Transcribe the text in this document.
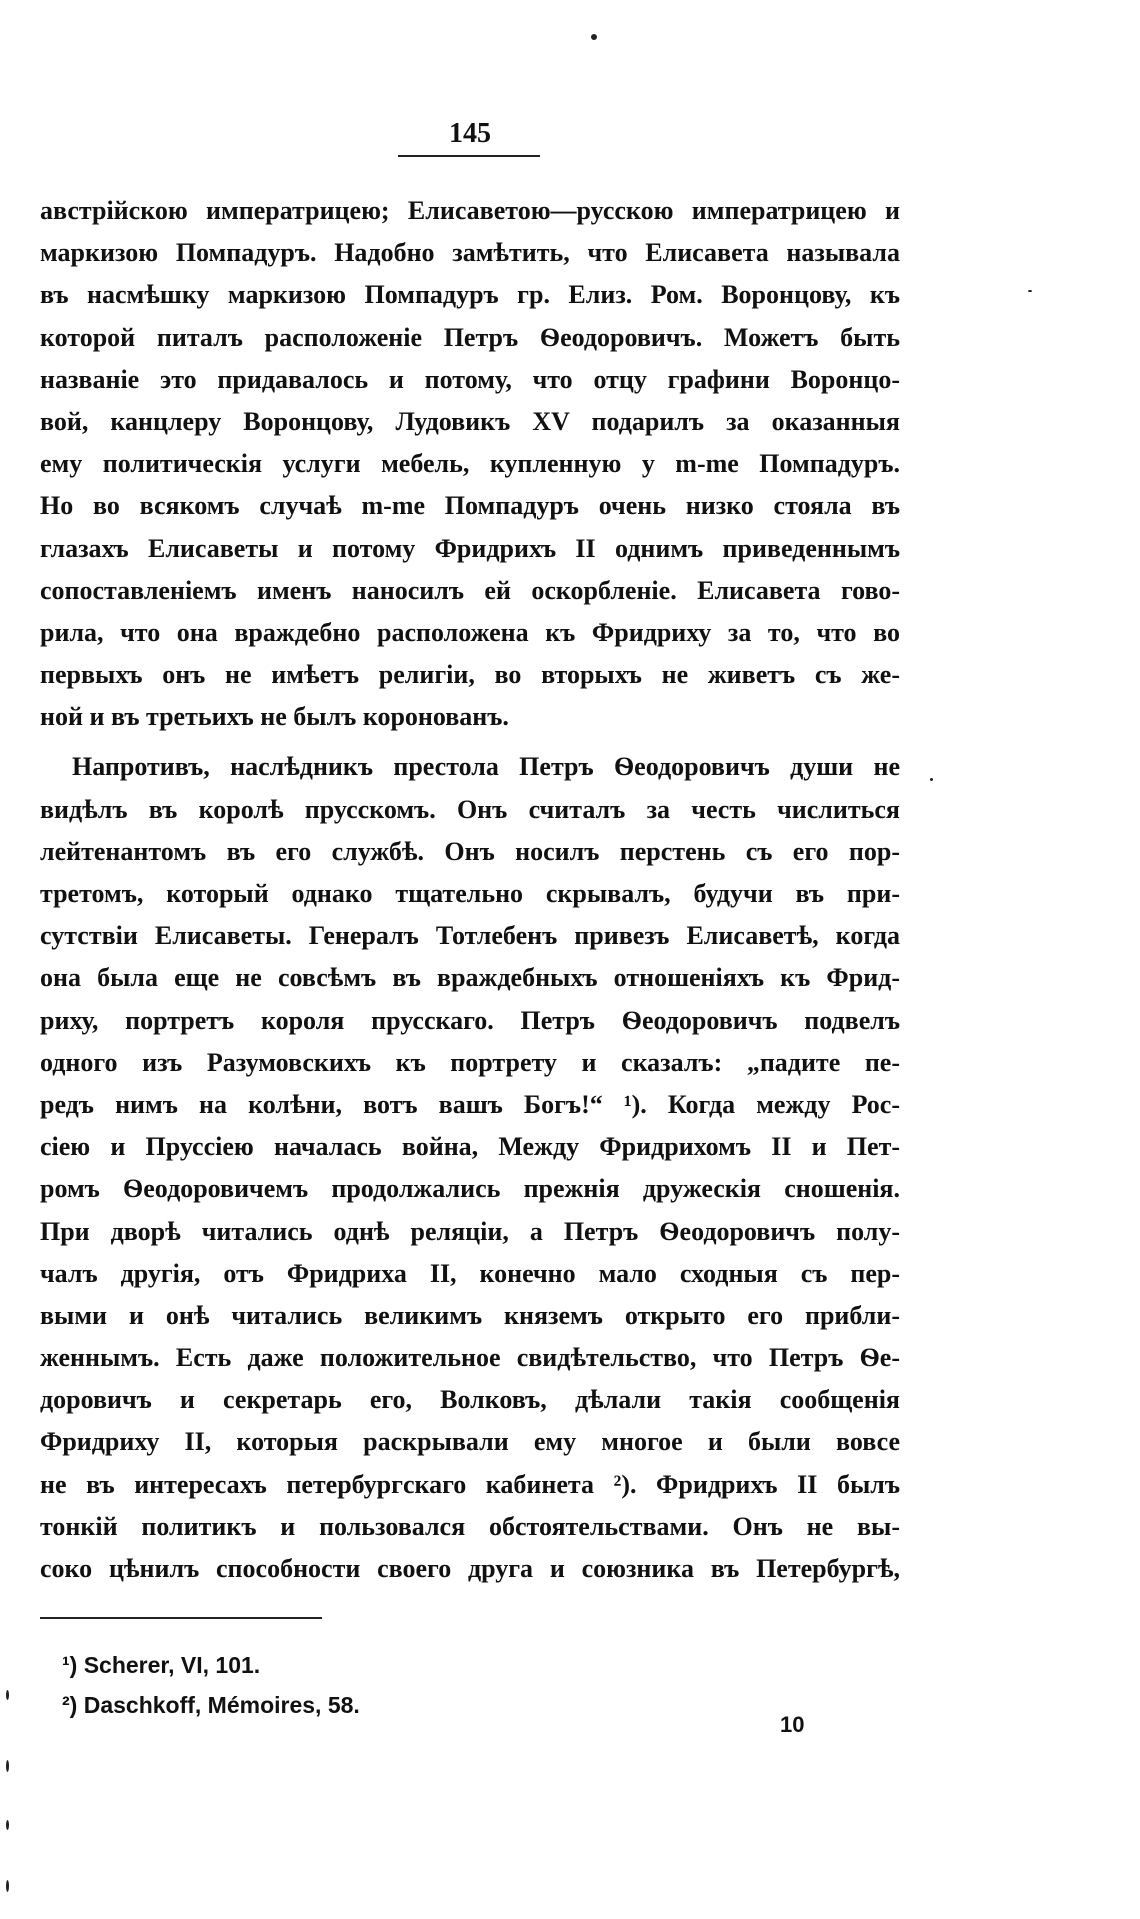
145
австрійскою императрицею; Елисаветою—русскою императрицею и
маркизою Помпадуръ. Надобно замѣтить, что Елисавета называла
въ насмѣшку маркизою Помпадуръ гр. Елиз. Ром. Воронцову, къ
которой питалъ расположеніе Петръ Ѳеодоровичъ. Можетъ быть
названіе это придавалось и потому, что отцу графини Воронцо-
вой, канцлеру Воронцову, Лудовикъ XV подарилъ за оказанныя
ему политическія услуги мебель, купленную у m-me Помпадуръ.
Но во всякомъ случаѣ m-me Помпадуръ очень низко стояла въ
глазахъ Елисаветы и потому Фридрихъ II однимъ приведеннымъ
сопоставленіемъ именъ наносилъ ей оскорбленіе. Елисавета гово-
рила, что она враждебно расположена къ Фридриху за то, что во
первыхъ онъ не имѣетъ религіи, во вторыхъ не живетъ съ же-
ной и въ третьихъ не былъ коронованъ.
Напротивъ, наслѣдникъ престола Петръ Ѳеодоровичъ души не
видѣлъ въ королѣ прусскомъ. Онъ считалъ за честь числиться
лейтенантомъ въ его службѣ. Онъ носилъ перстень съ его пор-
третомъ, который однако тщательно скрывалъ, будучи въ при-
сутствіи Елисаветы. Генералъ Тотлебенъ привезъ Елисаветѣ, когда
она была еще не совсѣмъ въ враждебныхъ отношеніяхъ къ Фрид-
риху, портретъ короля прусскаго. Петръ Ѳеодоровичъ подвелъ
одного изъ Разумовскихъ къ портрету и сказалъ: „падите пе-
редъ нимъ на колѣни, вотъ вашъ Богъ!“ ¹). Когда между Рос-
сіею и Пруссіею началась война, Между Фридрихомъ II и Пет-
ромъ Ѳеодоровичемъ продолжались прежнія дружескія сношенія.
При дворѣ читались однѣ реляціи, а Петръ Ѳеодоровичъ полу-
чалъ другія, отъ Фридриха II, конечно мало сходныя съ пер-
выми и онѣ читались великимъ княземъ открыто его прибли-
женнымъ. Есть даже положительное свидѣтельство, что Петръ Ѳе-
доровичъ и секретарь его, Волковъ, дѣлали такія сообщенія
Фридриху II, которыя раскрывали ему многое и были вовсе
не въ интересахъ петербургскаго кабинета ²). Фридрихъ II былъ
тонкій политикъ и пользовался обстоятельствами. Онъ не вы-
соко цѣнилъ способности своего друга и союзника въ Петербургѣ,
¹) Scherer, VI, 101.
²) Daschkoff, Mémoires, 58.
10
